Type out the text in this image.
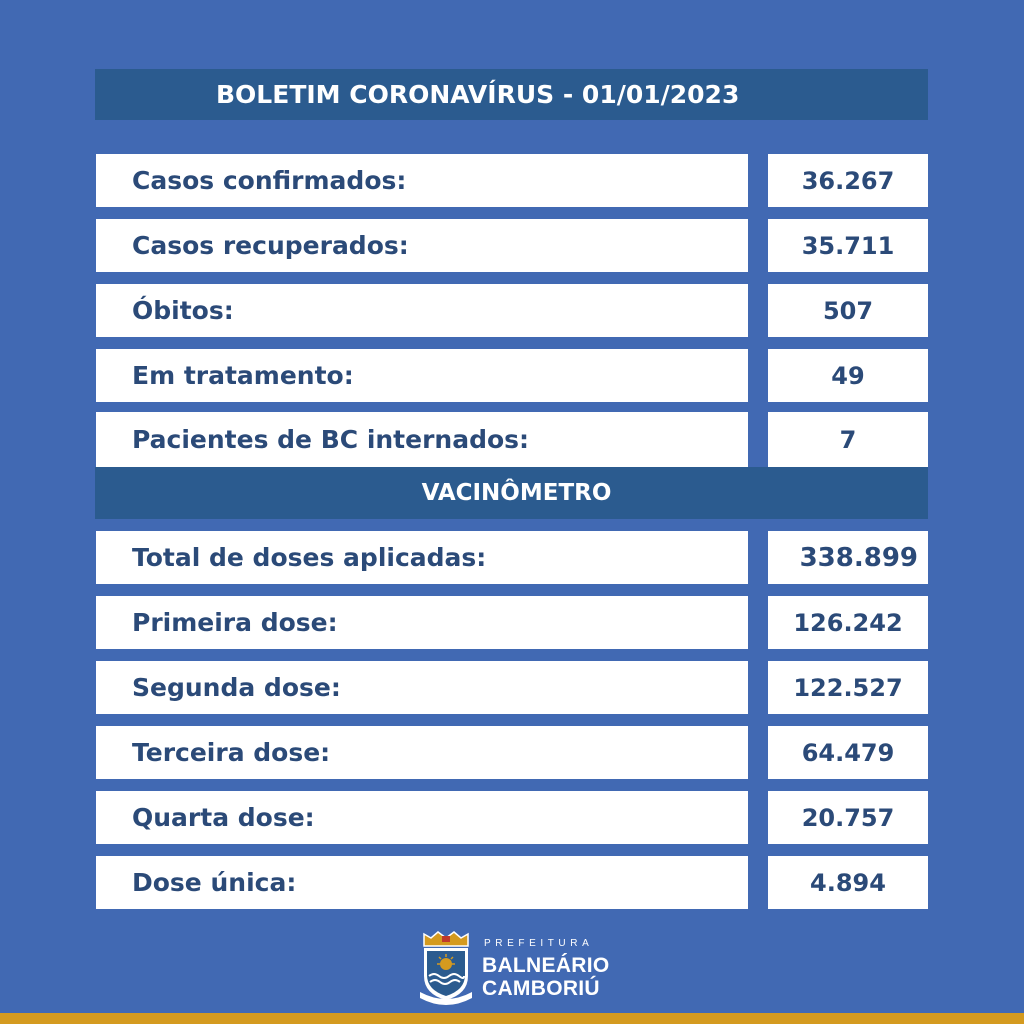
BOLETIM CORONAVÍRUS - 01/01/2023
Casos confirmados:	36.267
Casos recuperados:	35.711
Óbitos:	507
Em tratamento:	49
Pacientes de BC internados:	7
VACINÔMETRO
Total de doses aplicadas:	338.899
Primeira dose:	126.242
Segunda dose:	122.527
Terceira dose:	64.479
Quarta dose:	20.757
Dose única:	4.894
PREFEITURA
BALNEÁRIO
CAMBORIÚ
